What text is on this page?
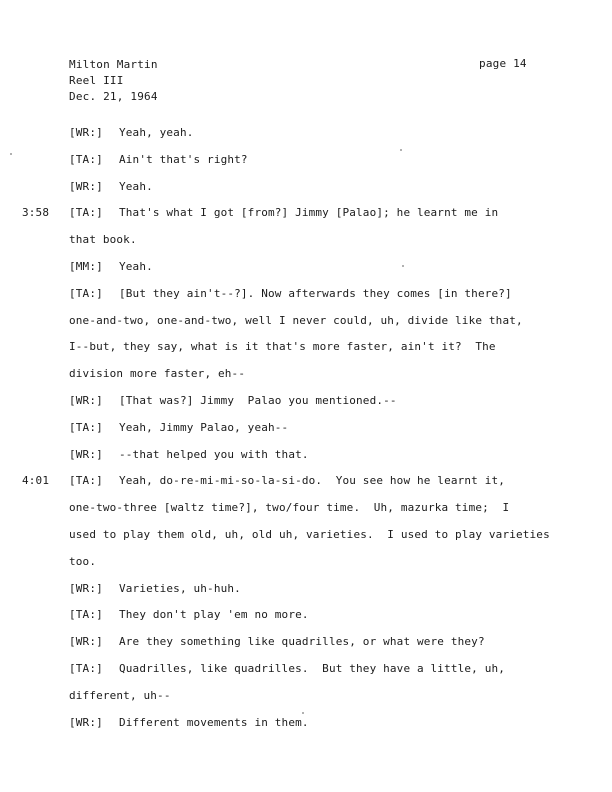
Milton Martin
Reel III
Dec. 21, 1964
page 14
[WR:] Yeah, yeah.
[TA:] Ain't that's right?
[WR:] Yeah.
3:58 [TA:] That's what I got [from?] Jimmy [Palao]; he learnt me in
that book.
[MM:] Yeah.
[TA:] [But they ain't--?]. Now afterwards they comes [in there?]
one-and-two, one-and-two, well I never could, uh, divide like that,
I--but, they say, what is it that's more faster, ain't it?  The
division more faster, eh--
[WR:] [That was?] Jimmy  Palao you mentioned.--
[TA:] Yeah, Jimmy Palao, yeah--
[WR:] --that helped you with that.
4:01 [TA:] Yeah, do-re-mi-mi-so-la-si-do.  You see how he learnt it,
one-two-three [waltz time?], two/four time.  Uh, mazurka time;  I
used to play them old, uh, old uh, varieties.  I used to play varieties
too.
[WR:] Varieties, uh-huh.
[TA:] They don't play 'em no more.
[WR:] Are they something like quadrilles, or what were they?
[TA:] Quadrilles, like quadrilles.  But they have a little, uh,
different, uh--
[WR:] Different movements in them.
